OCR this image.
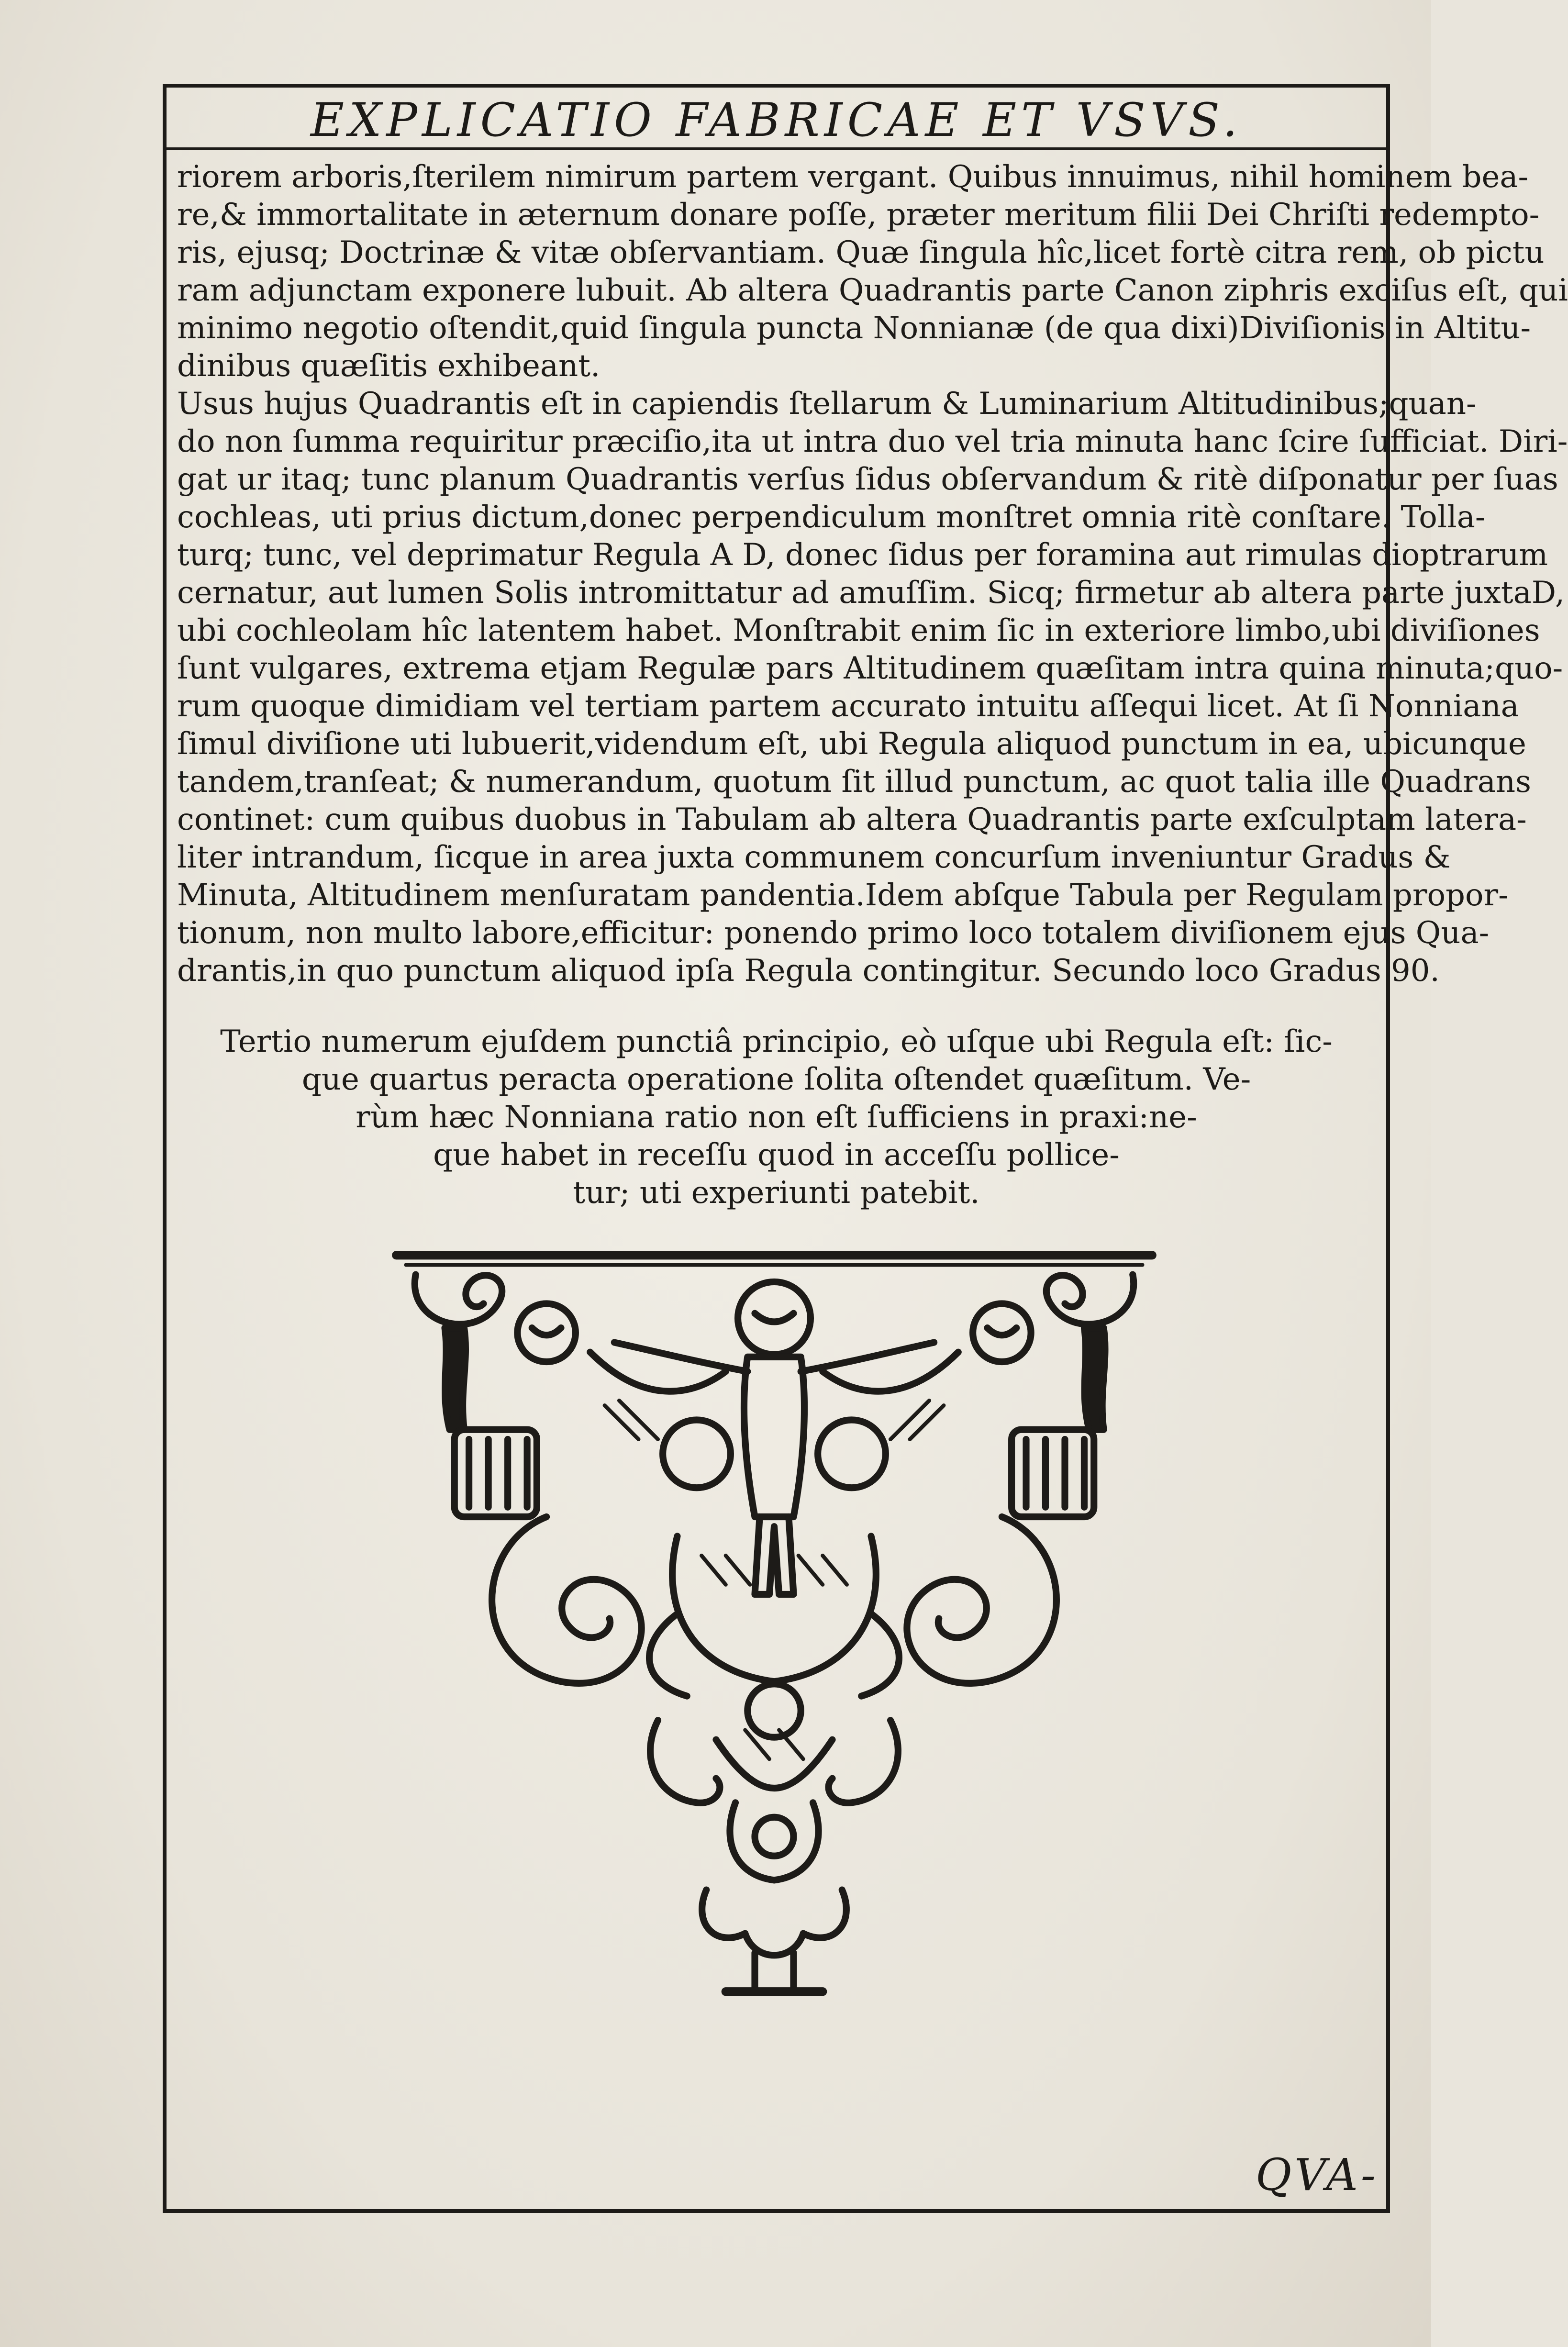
EXPLICATIO FABRICAE ET VSVS.
riorem arboris,ſterilem nimirum partem vergant. Quibus innuimus, nihil hominem bea-
re,& immortalitate in æternum donare poſſe, præter meritum filii Dei Chriſti redempto-
ris, ejusq; Doctrinæ & vitæ obſervantiam. Quæ ſingula hîc,licet fortè citra rem, ob pictu
ram adjunctam exponere lubuit. Ab altera Quadrantis parte Canon ziphris exciſus eſt, qui
minimo negotio oſtendit,quid ſingula puncta Nonnianæ (de qua dixi)Diviſionis in Altitu-
dinibus quæſitis exhibeant.
Usus hujus Quadrantis eſt in capiendis ſtellarum & Luminarium Altitudinibus;quan-
do non ſumma requiritur præciſio,ita ut intra duo vel tria minuta hanc ſcire ſufficiat. Diri-
gat ur itaq; tunc planum Quadrantis verſus ſidus obſervandum & ritè diſponatur per ſuas
cochleas, uti prius dictum,donec perpendiculum monſtret omnia ritè conſtare. Tolla-
turq; tunc, vel deprimatur Regula A D, donec ſidus per foramina aut rimulas dioptrarum
cernatur, aut lumen Solis intromittatur ad amuſſim. Sicq; firmetur ab altera parte juxtaD,
ubi cochleolam hîc latentem habet. Monſtrabit enim ſic in exteriore limbo,ubi diviſiones
ſunt vulgares, extrema etjam Regulæ pars Altitudinem quæſitam intra quina minuta;quo-
rum quoque dimidiam vel tertiam partem accurato intuitu aſſequi licet. At ſi Nonniana
ſimul diviſione uti lubuerit,videndum eſt, ubi Regula aliquod punctum in ea, ubicunque
tandem,tranſeat; & numerandum, quotum ſit illud punctum, ac quot talia ille Quadrans
continet: cum quibus duobus in Tabulam ab altera Quadrantis parte exſculptam latera-
liter intrandum, ſicque in area juxta communem concurſum inveniuntur Gradus &
Minuta, Altitudinem menſuratam pandentia.Idem abſque Tabula per Regulam propor-
tionum, non multo labore,efficitur: ponendo primo loco totalem diviſionem ejus Qua-
drantis,in quo punctum aliquod ipſa Regula contingitur. Secundo loco Gradus 90.
Tertio numerum ejuſdem punctiâ principio, eò uſque ubi Regula eſt: ſic-
que quartus peracta operatione ſolita oſtendet quæſitum. Ve-
rùm hæc Nonniana ratio non eſt ſufficiens in praxi:ne-
que habet in receſſu quod in acceſſu pollice-
tur; uti experiunti patebit.
QVA-
